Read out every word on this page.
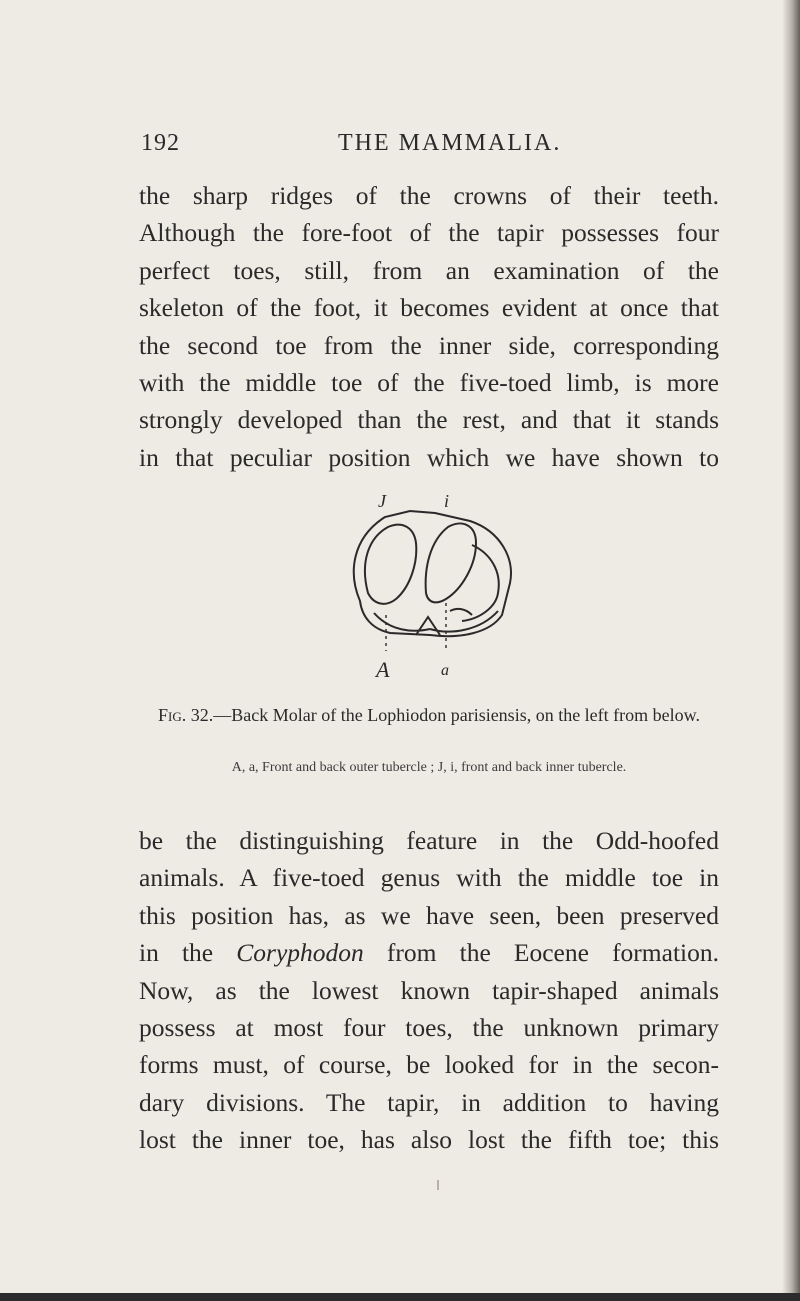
192	THE MAMMALIA.
the sharp ridges of the crowns of their teeth.
Although the fore-foot of the tapir possesses four
perfect toes, still, from an examination of the
skeleton of the foot, it becomes evident at once that
the second toe from the inner side, corresponding
with the middle toe of the five-toed limb, is more
strongly developed than the rest, and that it stands
in that peculiar position which we have shown to
J	i
A	a
Fig. 32.—Back Molar of the Lophiodon parisiensis, on the left from below.
A, a, Front and back outer tubercle ; J, i, front and back inner tubercle.
be the distinguishing feature in the Odd-hoofed
animals. A five-toed genus with the middle toe in
this position has, as we have seen, been preserved
in the Coryphodon from the Eocene formation.
Now, as the lowest known tapir-shaped animals
possess at most four toes, the unknown primary
forms must, of course, be looked for in the secon-
dary divisions. The tapir, in addition to having
lost the inner toe, has also lost the fifth toe; this
